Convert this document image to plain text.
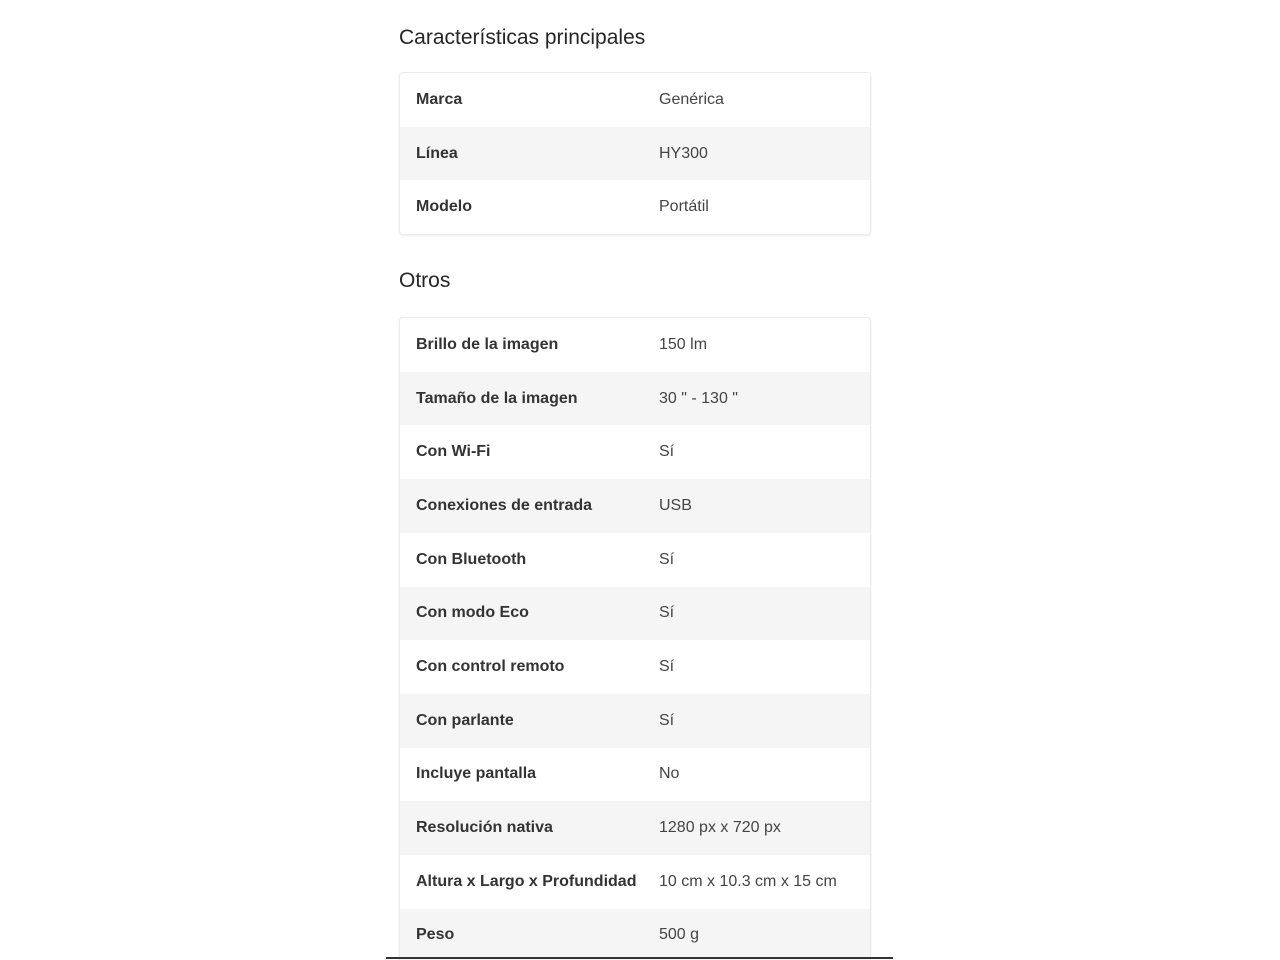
Características principales
Marca	Genérica
Línea	HY300
Modelo	Portátil
Otros
Brillo de la imagen	150 lm
Tamaño de la imagen	30 " - 130 "
Con Wi-Fi	Sí
Conexiones de entrada	USB
Con Bluetooth	Sí
Con modo Eco	Sí
Con control remoto	Sí
Con parlante	Sí
Incluye pantalla	No
Resolución nativa	1280 px x 720 px
Altura x Largo x Profundidad	10 cm x 10.3 cm x 15 cm
Peso	500 g
